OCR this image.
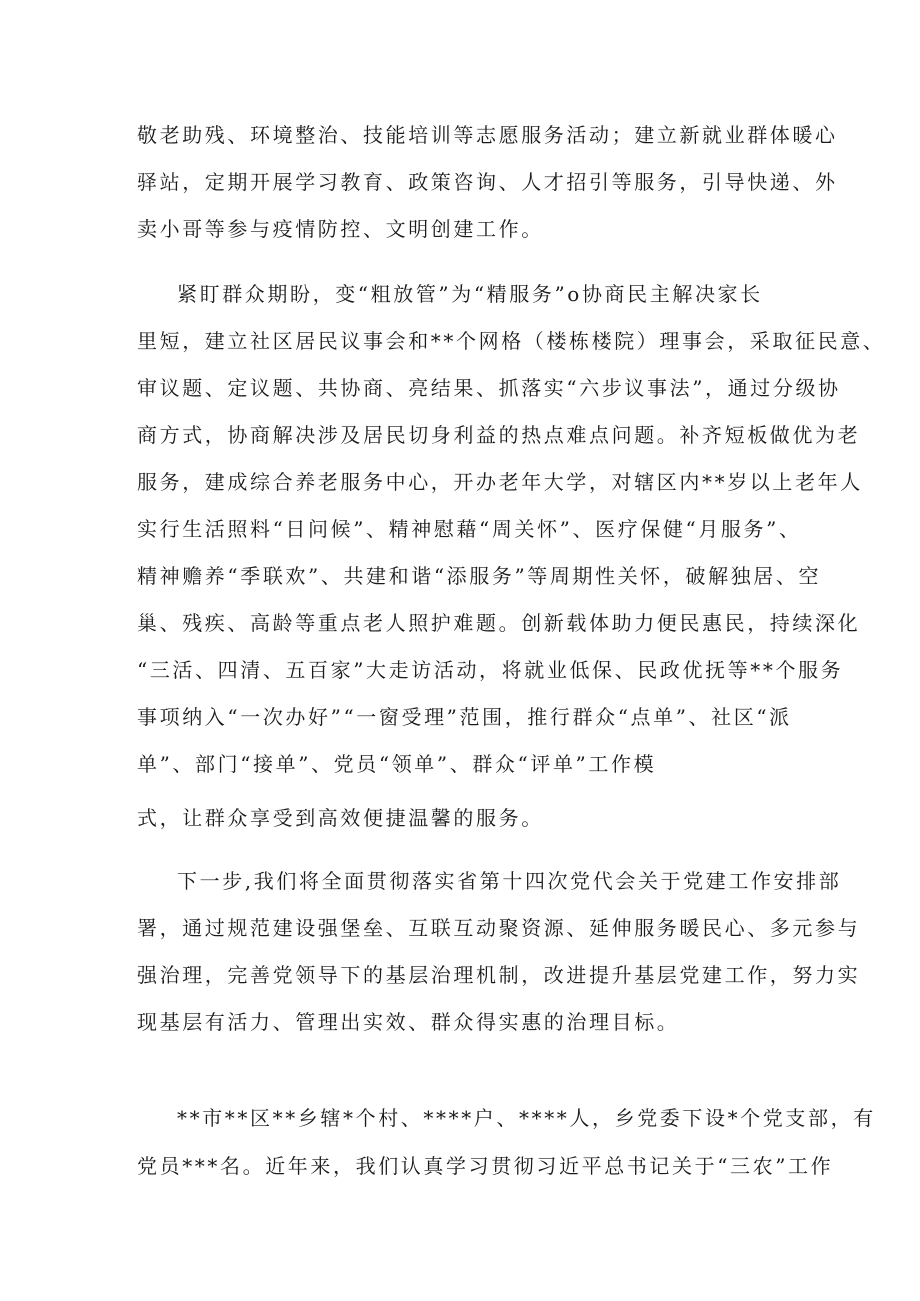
敬老助残、环境整治、技能培训等志愿服务活动；建立新就业群体暖心
驿站，定期开展学习教育、政策咨询、人才招引等服务，引导快递、外
卖小哥等参与疫情防控、文明创建工作。
紧盯群众期盼，变“粗放管”为“精服务”o协商民主解决家长
里短，建立社区居民议事会和**个网格（楼栋楼院）理事会，采取征民意、
审议题、定议题、共协商、亮结果、抓落实“六步议事法”，通过分级协
商方式，协商解决涉及居民切身利益的热点难点问题。补齐短板做优为老
服务，建成综合养老服务中心，开办老年大学，对辖区内**岁以上老年人
实行生活照料“日问候”、精神慰藉“周关怀”、医疗保健“月服务”、
精神赡养“季联欢”、共建和谐“添服务”等周期性关怀，破解独居、空
巢、残疾、高龄等重点老人照护难题。创新载体助力便民惠民，持续深化
“三活、四清、五百家”大走访活动，将就业低保、民政优抚等**个服务
事项纳入“一次办好”“一窗受理”范围，推行群众“点单”、社区“派
单”、部门“接单”、党员“领单”、群众“评单”工作模
式，让群众享受到高效便捷温馨的服务。
下一步,我们将全面贯彻落实省第十四次党代会关于党建工作安排部
署，通过规范建设强堡垒、互联互动聚资源、延伸服务暖民心、多元参与
强治理，完善党领导下的基层治理机制，改进提升基层党建工作，努力实
现基层有活力、管理出实效、群众得实惠的治理目标。
**市**区**乡辖*个村、****户、****人，乡党委下设*个党支部，有
党员***名。近年来，我们认真学习贯彻习近平总书记关于“三农”工作
